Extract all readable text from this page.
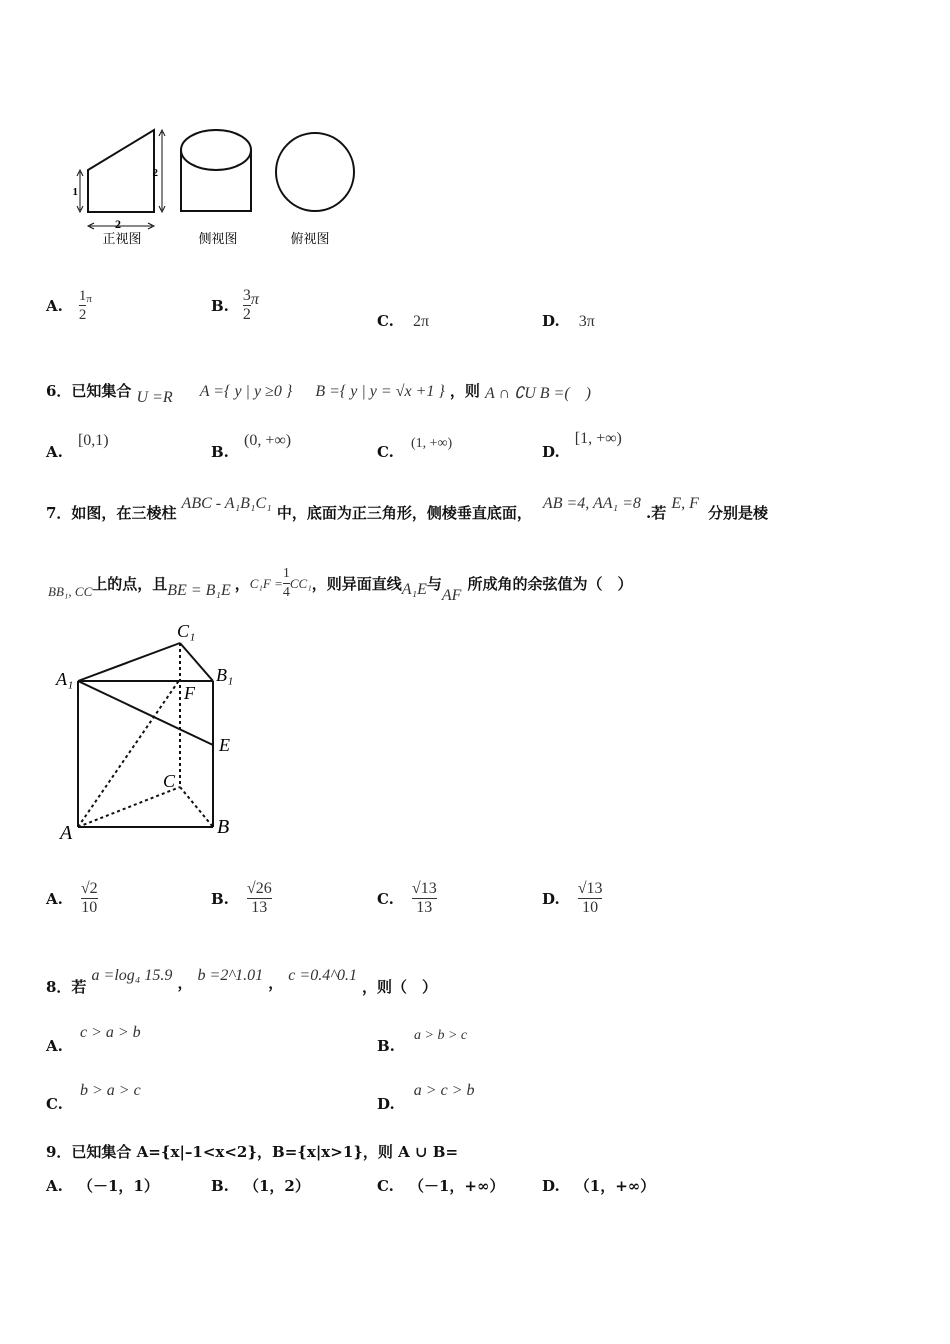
1
2
2
正视图	侧视图	俯视图
A. $\frac{1}{2}$ π	B. $\frac{3}{2}$ π
C. 2π	D. 3π
6．已知集合 U =R A ={ y | y ≥0 } B ={ y | y = √x +1 } ，则 A ∩ ∁U B =(　)
A. [0,1)
B. (0, +∞)
C. (1, +∞)	D. [1, +∞)
7．如图，在三棱柱 ABC - A₁B₁C₁ 中，底面为正三角形，侧棱垂直底面， AB =4, AA₁ =8 .若 E, F 分别是棱
BB₁, CC 上的点，且 BE = B₁E ， $C_1F = \frac{1}{4} CC_1$ ，则异面直线 A₁E 与
AF
所成角的余弦值为（　）
C₁
A₁	B₁
F
E
C
A	B
A. $\frac{√2}{10}$	B. $\frac{√26}{13}$	C. $\frac{√13}{13}$	D. $\frac{√13}{10}$
8．若 a =log₄ 15.9 ， b =2^1.01 ， c =0.4^0.1 ，则（　）
A. c > a > b
B. a > b > c
C. b > a > c
D. a > c > b
9．已知集合 A={x|–1<x<2}，B={x|x>1}，则 A ∪ B=
A. （－1，1）	B. （1，2）	C. （－1，+∞） D. （1，+∞）
